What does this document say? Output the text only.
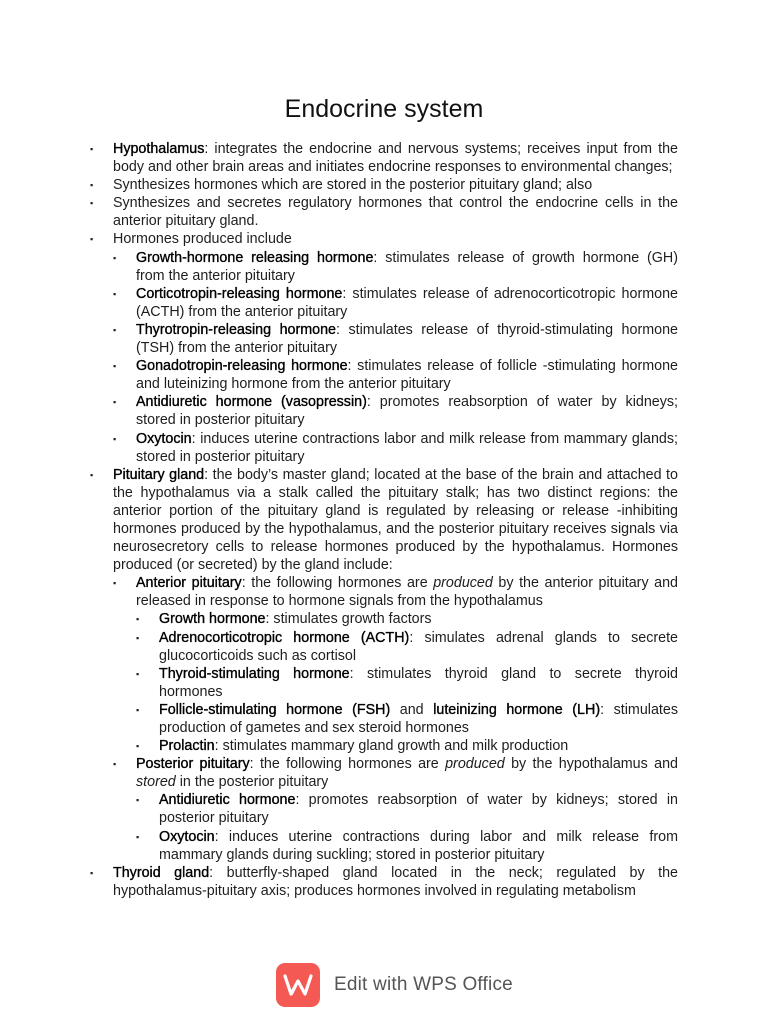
Endocrine system
▪ Hypothalamus: integrates the endocrine and nervous systems; receives input from the body and other brain areas and initiates endocrine responses to environmental changes;
▪ Synthesizes hormones which are stored in the posterior pituitary gland; also
▪ Synthesizes and secretes regulatory hormones that control the endocrine cells in the anterior pituitary gland.
▪ Hormones produced include
▪ Growth-hormone releasing hormone: stimulates release of growth hormone (GH) from the anterior pituitary
▪ Corticotropin-releasing hormone: stimulates release of adrenocorticotropic hormone (ACTH) from the anterior pituitary
▪ Thyrotropin-releasing hormone: stimulates release of thyroid-stimulating hormone (TSH) from the anterior pituitary
▪ Gonadotropin-releasing hormone: stimulates release of follicle -stimulating hormone and luteinizing hormone from the anterior pituitary
▪ Antidiuretic hormone (vasopressin): promotes reabsorption of water by kidneys; stored in posterior pituitary
▪ Oxytocin: induces uterine contractions labor and milk release from mammary glands; stored in posterior pituitary
▪ Pituitary gland: the body’s master gland; located at the base of the brain and attached to the hypothalamus via a stalk called the pituitary stalk; has two distinct regions: the anterior portion of the pituitary gland is regulated by releasing or release -inhibiting hormones produced by the hypothalamus, and the posterior pituitary receives signals via neurosecretory cells to release hormones produced by the hypothalamus. Hormones produced (or secreted) by the gland include:
▪ Anterior pituitary: the following hormones are produced by the anterior pituitary and released in response to hormone signals from the hypothalamus
▪ Growth hormone: stimulates growth factors
▪ Adrenocorticotropic hormone (ACTH): simulates adrenal glands to secrete glucocorticoids such as cortisol
▪ Thyroid-stimulating hormone: stimulates thyroid gland to secrete thyroid hormones
▪ Follicle-stimulating hormone (FSH) and luteinizing hormone (LH): stimulates production of gametes and sex steroid hormones
▪ Prolactin: stimulates mammary gland growth and milk production
▪ Posterior pituitary: the following hormones are produced by the hypothalamus and stored in the posterior pituitary
▪ Antidiuretic hormone: promotes reabsorption of water by kidneys; stored in posterior pituitary
▪ Oxytocin: induces uterine contractions during labor and milk release from mammary glands during suckling; stored in posterior pituitary
▪ Thyroid gland: butterfly-shaped gland located in the neck; regulated by the hypothalamus-pituitary axis; produces hormones involved in regulating metabolism
Edit with WPS Office
